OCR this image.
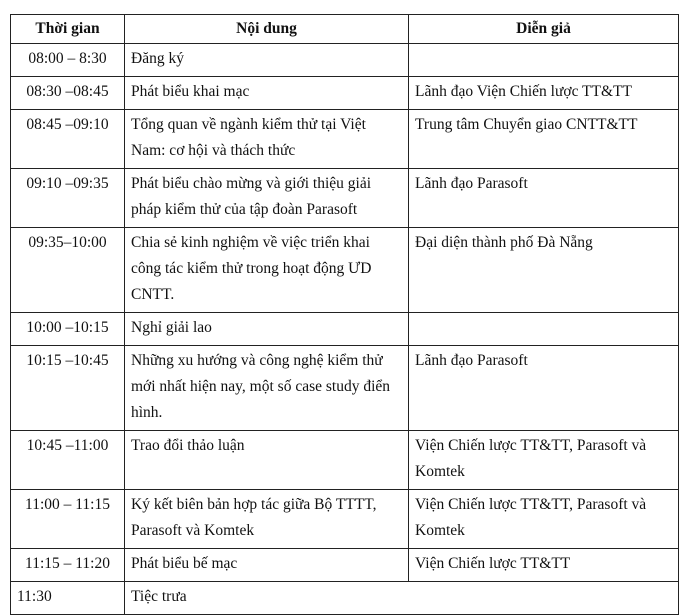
Thời gian	Nội dung	Diễn giả
08:00 – 8:30	Đăng ký	
08:30 –08:45	Phát biểu khai mạc	Lãnh đạo Viện Chiến lược TT&TT
08:45 –09:10	Tổng quan về ngành kiểm thử tại Việt Nam: cơ hội và thách thức	Trung tâm Chuyển giao CNTT&TT
09:10 –09:35	Phát biểu chào mừng và giới thiệu giải pháp kiểm thử của tập đoàn Parasoft	Lãnh đạo Parasoft
09:35–10:00	Chia sẻ kinh nghiệm về việc triển khai công tác kiểm thử trong hoạt động ƯD CNTT.	Đại diện thành phố Đà Nẵng
10:00 –10:15	Nghỉ giải lao	
10:15 –10:45	Những xu hướng và công nghệ kiểm thử mới nhất hiện nay, một số case study điển hình.	Lãnh đạo Parasoft
10:45 –11:00	Trao đổi thảo luận	Viện Chiến lược TT&TT, Parasoft và Komtek
11:00 – 11:15	Ký kết biên bản hợp tác giữa Bộ TTTT, Parasoft và Komtek	Viện Chiến lược TT&TT, Parasoft và Komtek
11:15 – 11:20	Phát biểu bế mạc	Viện Chiến lược TT&TT
11:30	Tiệc trưa	
